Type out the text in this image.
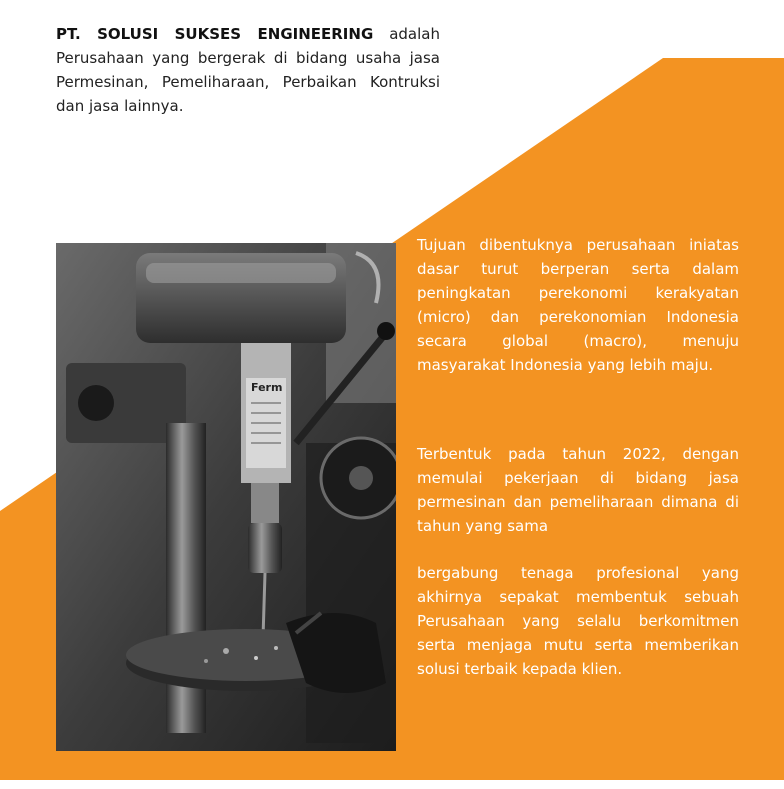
PT. SOLUSI SUKSES ENGINEERING adalah Perusahaan yang bergerak di bidang usaha jasa Permesinan, Pemeliharaan, Perbaikan Kontruksi dan jasa lainnya.
Ferm
Tujuan dibentuknya perusahaan iniatas dasar turut berperan serta dalam peningkatan perekonomi kerakyatan (micro) dan perekonomian Indonesia secara global (macro), menuju masyarakat Indonesia yang lebih maju.
Terbentuk pada tahun 2022, dengan memulai pekerjaan di bidang jasa permesinan dan pemeliharaan dimana di tahun yang sama
bergabung tenaga profesional yang akhirnya sepakat membentuk sebuah Perusahaan yang selalu berkomitmen serta menjaga mutu serta memberikan solusi terbaik kepada klien.
